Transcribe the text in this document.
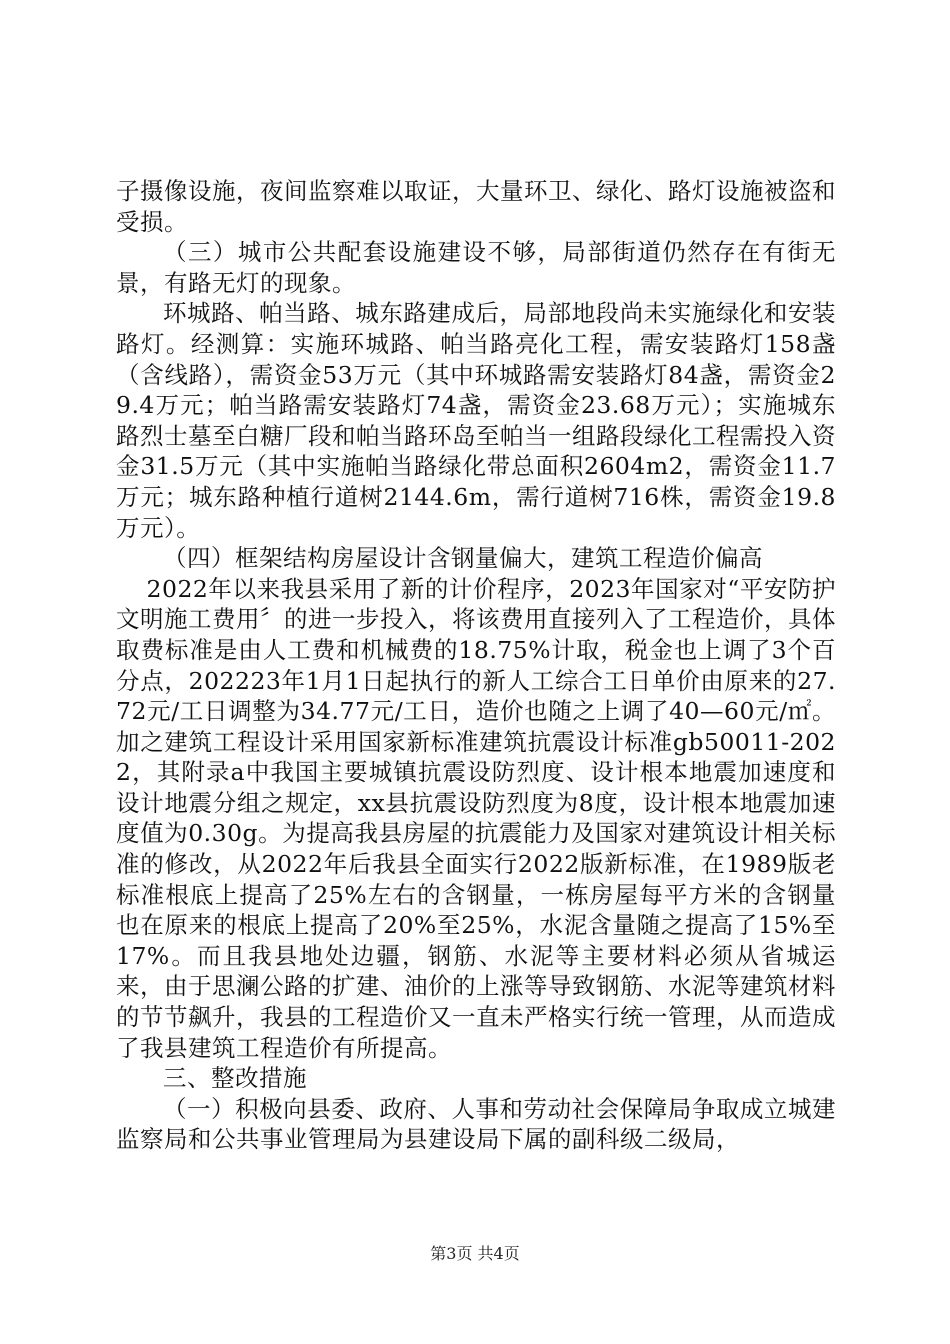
子摄像设施，夜间监察难以取证，大量环卫、绿化、路灯设施被盗和受损。

（三）城市公共配套设施建设不够，局部街道仍然存在有街无景，有路无灯的现象。

环城路、帕当路、城东路建成后，局部地段尚未实施绿化和安装路灯。经测算：实施环城路、帕当路亮化工程，需安装路灯158盏（含线路），需资金53万元（其中环城路需安装路灯84盏，需资金29.4万元；帕当路需安装路灯74盏，需资金23.68万元）；实施城东路烈士墓至白糖厂段和帕当路环岛至帕当一组路段绿化工程需投入资金31.5万元（其中实施帕当路绿化带总面积2604m2，需资金11.7万元；城东路种植行道树2144.6m，需行道树716株，需资金19.8万元）。

（四）框架结构房屋设计含钢量偏大，建筑工程造价偏高

2022年以来我县采用了新的计价程序，2023年国家对“平安防护文明施工费用〞的进一步投入，将该费用直接列入了工程造价，具体取费标准是由人工费和机械费的18.75%计取，税金也上调了3个百分点，202223年1月1日起执行的新人工综合工日单价由原来的27.72元/工日调整为34.77元/工日，造价也随之上调了40—60元/㎡。加之建筑工程设计采用国家新标准建筑抗震设计标准gb50011-2022，其附录a中我国主要城镇抗震设防烈度、设计根本地震加速度和设计地震分组之规定，xx县抗震设防烈度为8度，设计根本地震加速度值为0.30g。为提高我县房屋的抗震能力及国家对建筑设计相关标准的修改，从2022年后我县全面实行2022版新标准，在1989版老标准根底上提高了25%左右的含钢量，一栋房屋每平方米的含钢量也在原来的根底上提高了20%至25%，水泥含量随之提高了15%至17%。而且我县地处边疆，钢筋、水泥等主要材料必须从省城运来，由于思澜公路的扩建、油价的上涨等导致钢筋、水泥等建筑材料的节节飙升，我县的工程造价又一直未严格实行统一管理，从而造成了我县建筑工程造价有所提高。

三、整改措施

（一）积极向县委、政府、人事和劳动社会保障局争取成立城建监察局和公共事业管理局为县建设局下属的副科级二级局，

第3页 共4页
